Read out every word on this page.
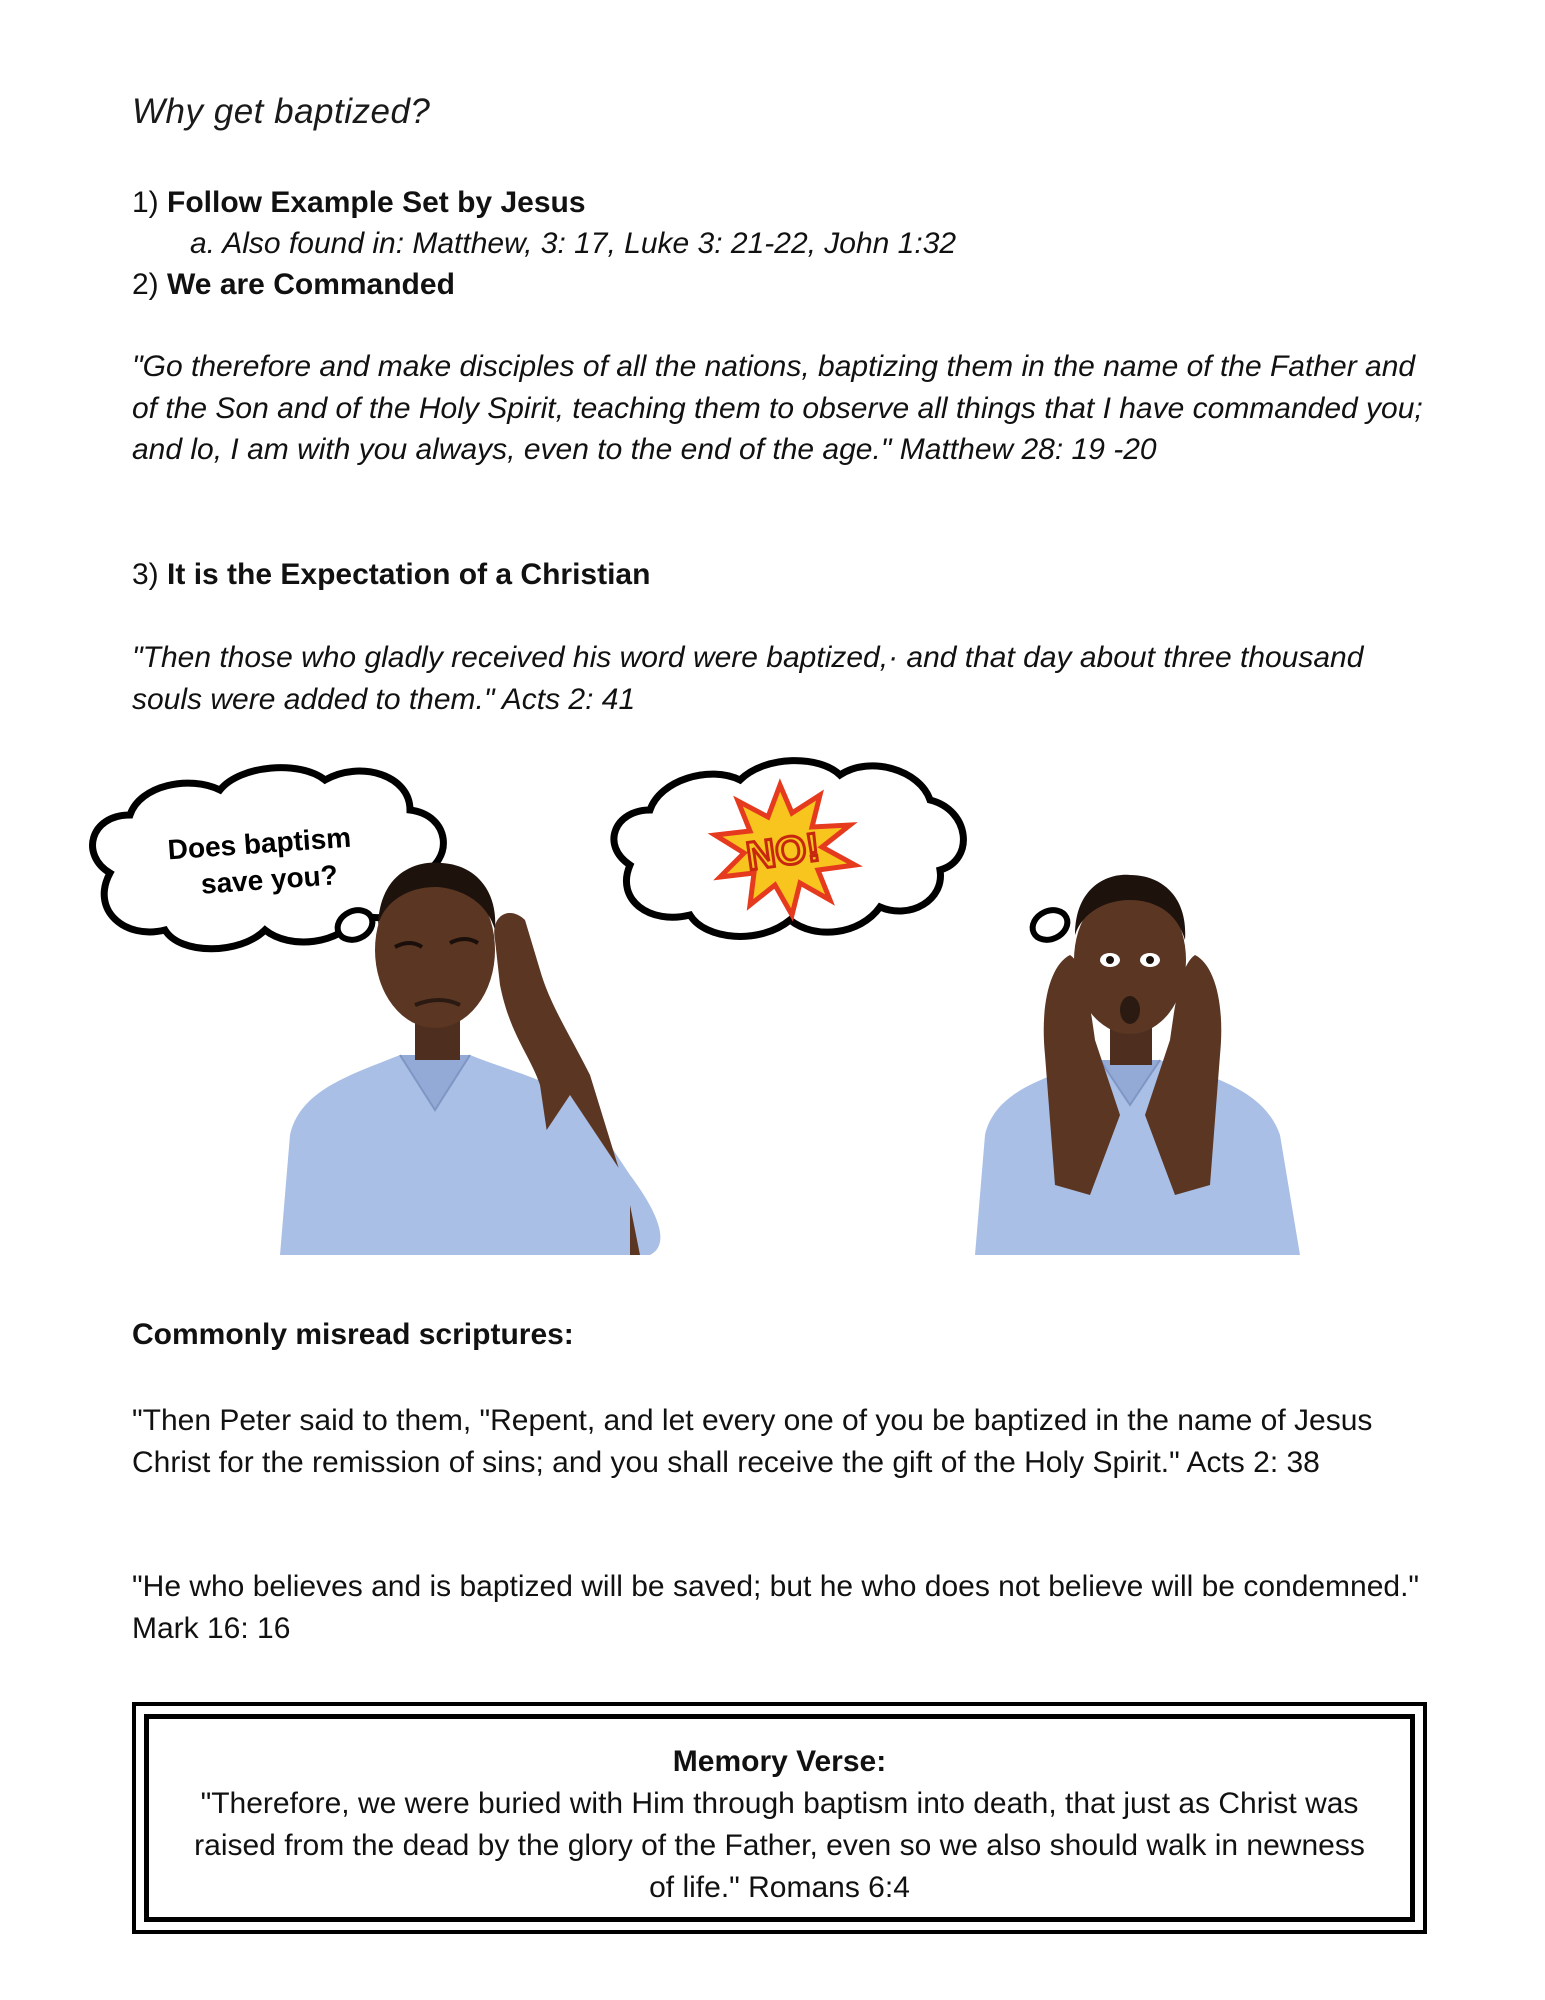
Why get baptized?
1) Follow Example Set by Jesus
a. Also found in: Matthew, 3: 17, Luke 3: 21-22, John 1:32
2) We are Commanded

"Go therefore and make disciples of all the nations, baptizing them in the name of the Father and of the Son and of the Holy Spirit, teaching them to observe all things that I have commanded you; and lo, I am with you always, even to the end of the age." Matthew 28: 19 -20

3) It is the Expectation of a Christian

"Then those who gladly received his word were baptized,· and that day about three thousand souls were added to them." Acts 2: 41

Does baptism
save you?
NO!
Commonly misread scriptures:

"Then Peter said to them, "Repent, and let every one of you be baptized in the name of Jesus Christ for the remission of sins; and you shall receive the gift of the Holy Spirit." Acts 2: 38

"He who believes and is baptized will be saved; but he who does not believe will be condemned." Mark 16: 16

Memory Verse:
"Therefore, we were buried with Him through baptism into death, that just as Christ was raised from the dead by the glory of the Father, even so we also should walk in newness of life." Romans 6:4
